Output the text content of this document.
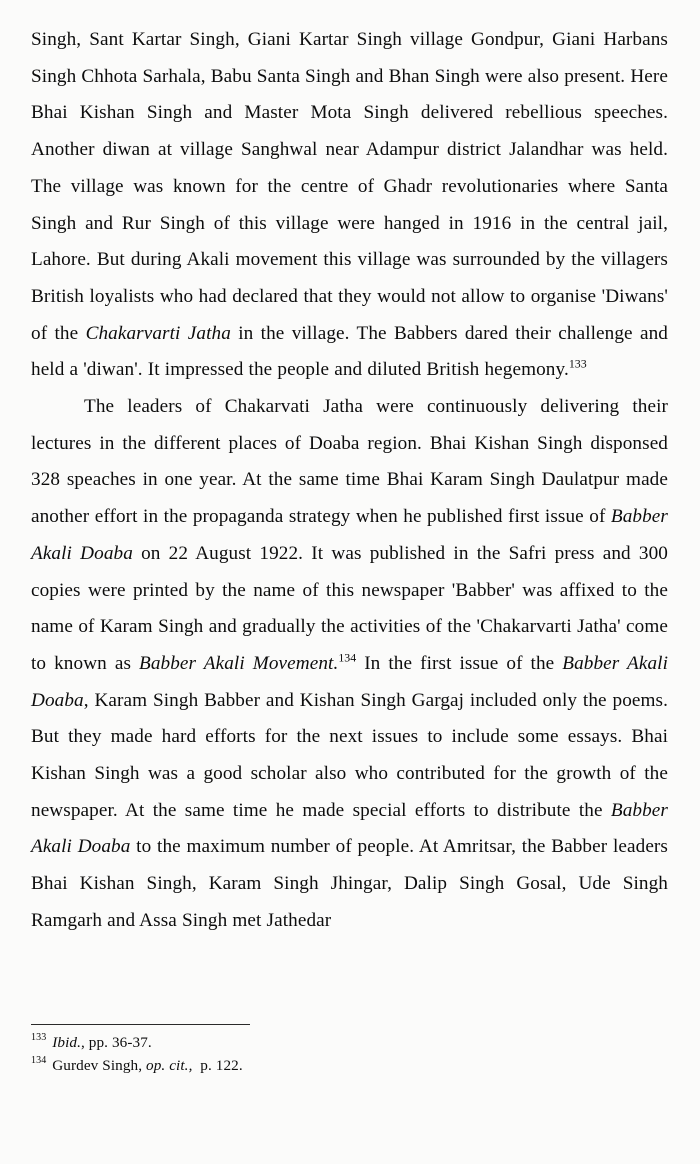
Singh, Sant Kartar Singh, Giani Kartar Singh village Gondpur, Giani Harbans Singh Chhota Sarhala, Babu Santa Singh and Bhan Singh were also present. Here Bhai Kishan Singh and Master Mota Singh delivered rebellious speeches. Another diwan at village Sanghwal near Adampur district Jalandhar was held. The village was known for the centre of Ghadr revolutionaries where Santa Singh and Rur Singh of this village were hanged in 1916 in the central jail, Lahore. But during Akali movement this village was surrounded by the villagers British loyalists who had declared that they would not allow to organise 'Diwans' of the Chakarvarti Jatha in the village. The Babbers dared their challenge and held a 'diwan'. It impressed the people and diluted British hegemony.$^{133}$

The leaders of Chakarvati Jatha were continuously delivering their lectures in the different places of Doaba region. Bhai Kishan Singh disponsed 328 speaches in one year. At the same time Bhai Karam Singh Daulatpur made another effort in the propaganda strategy when he published first issue of Babber Akali Doaba on 22 August 1922. It was published in the Safri press and 300 copies were printed by the name of this newspaper 'Babber' was affixed to the name of Karam Singh and gradually the activities of the 'Chakarvarti Jatha' come to known as Babber Akali Movement.$^{134}$ In the first issue of the Babber Akali Doaba, Karam Singh Babber and Kishan Singh Gargaj included only the poems. But they made hard efforts for the next issues to include some essays. Bhai Kishan Singh was a good scholar also who contributed for the growth of the newspaper. At the same time he made special efforts to distribute the Babber Akali Doaba to the maximum number of people. At Amritsar, the Babber leaders Bhai Kishan Singh, Karam Singh Jhingar, Dalip Singh Gosal, Ude Singh Ramgarh and Assa Singh met Jathedar

$^{133}$ Ibid., pp. 36-37.
$^{134}$ Gurdev Singh, op. cit.,  p. 122.
